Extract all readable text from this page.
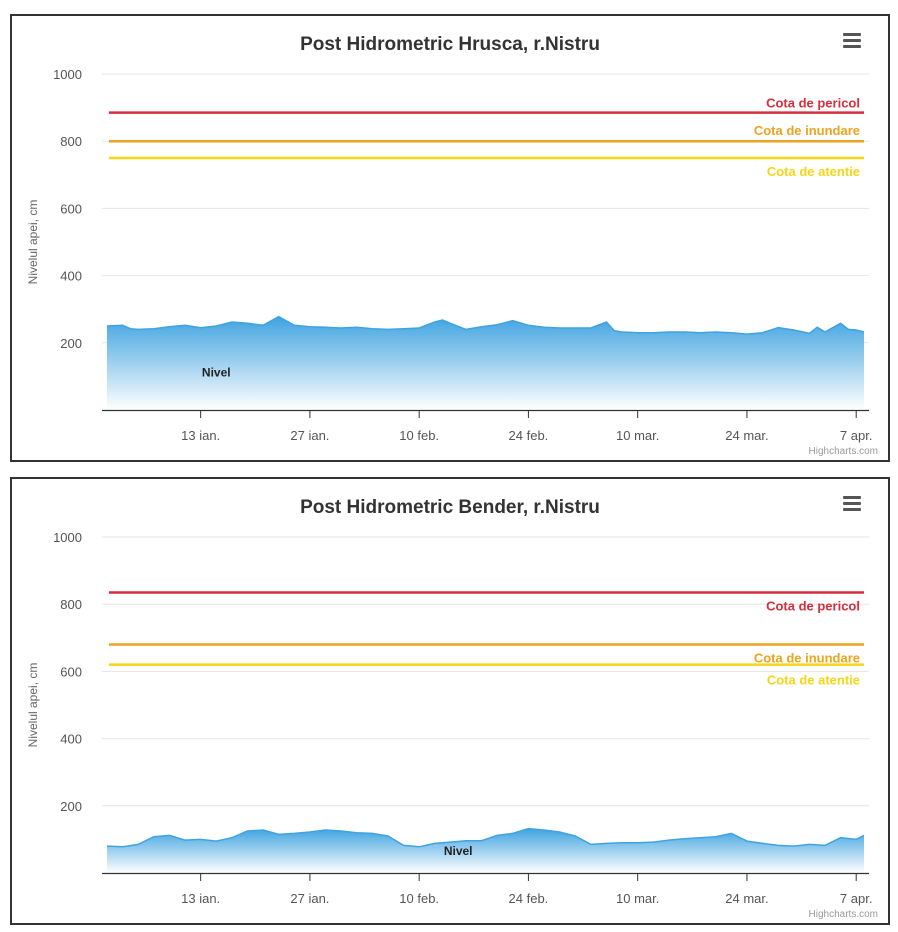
Post Hidrometric Hrusca, r.Nistru
200
400
600
800
1000
Nivelul apei, cm
Nivel
Cota de pericol
Cota de inundare
Cota de atentie
13 ian.	27 ian.	10 feb.	24 feb.	10 mar.	24 mar.	7 apr.
Highcharts.com
Post Hidrometric Bender, r.Nistru
200
400
600
800
1000
Nivelul apei, cm
Nivel
Cota de pericol
Cota de inundare
Cota de atentie
13 ian.	27 ian.	10 feb.	24 feb.	10 mar.	24 mar.	7 apr.
Highcharts.com
